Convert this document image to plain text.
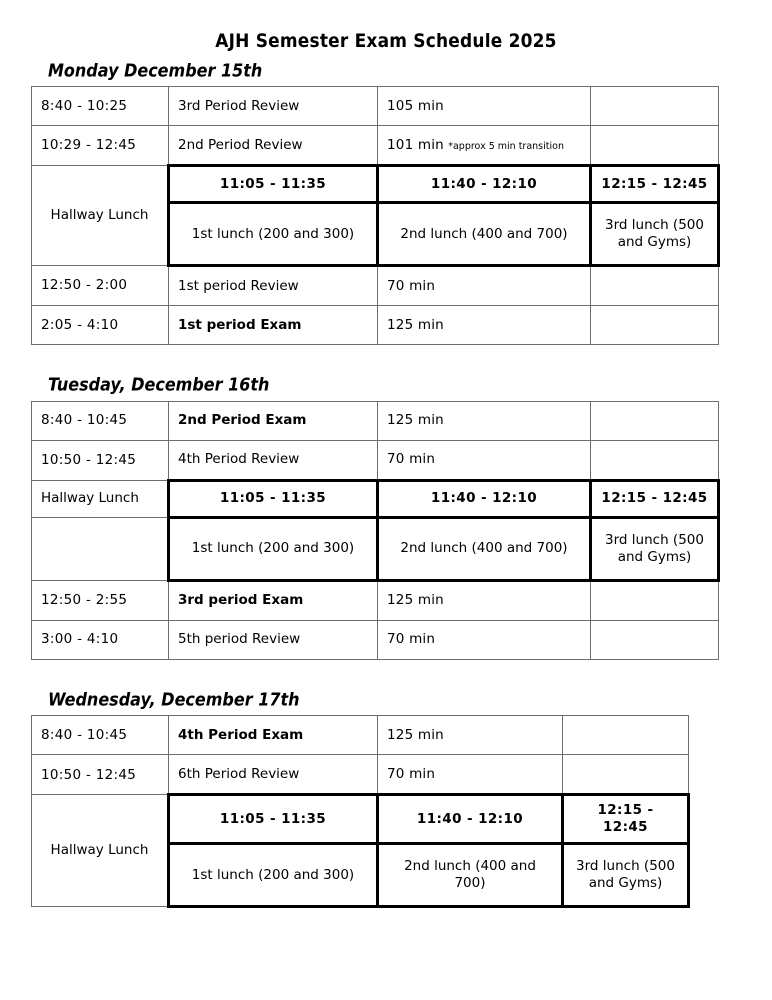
AJH Semester Exam Schedule 2025
Monday December 15th
8:40 - 10:25	3rd Period Review	105 min	
10:29 - 12:45	2nd Period Review	101 min *approx 5 min transition	
Hallway Lunch	11:05 - 11:35	11:40 - 12:10	12:15 - 12:45
	1st lunch (200 and 300)	2nd lunch (400 and 700)	3rd lunch (500 and Gyms)
12:50 - 2:00	1st period Review	70 min	
2:05 - 4:10	1st period Exam	125 min	
Tuesday, December 16th
8:40 - 10:45	2nd Period Exam	125 min	
10:50 - 12:45	4th Period Review	70 min	
Hallway Lunch	11:05 - 11:35	11:40 - 12:10	12:15 - 12:45
	1st lunch (200 and 300)	2nd lunch (400 and 700)	3rd lunch (500 and Gyms)
12:50 - 2:55	3rd period Exam	125 min	
3:00 - 4:10	5th period Review	70 min	
Wednesday, December 17th
8:40 - 10:45	4th Period Exam	125 min	
10:50 - 12:45	6th Period Review	70 min	
Hallway Lunch	11:05 - 11:35	11:40 - 12:10	12:15 - 12:45
	1st lunch (200 and 300)	2nd lunch (400 and 700)	3rd lunch (500 and Gyms)
